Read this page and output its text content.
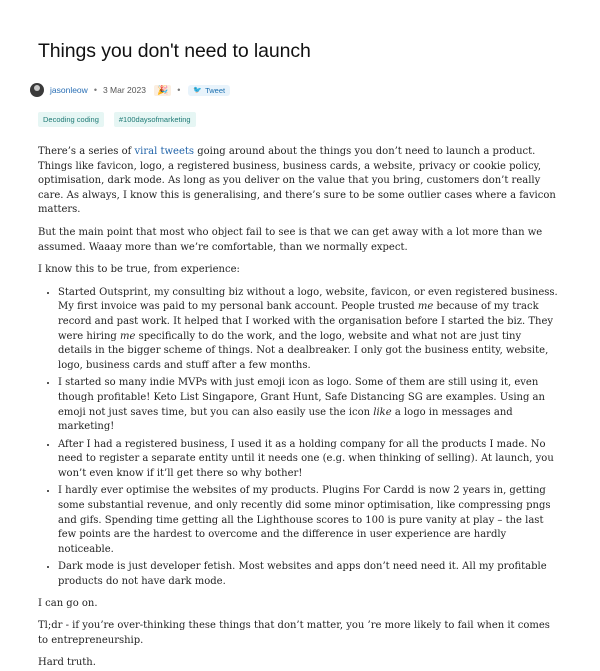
Things you don't need to launch
jasonleow • 3 Mar 2023	🎉	• 🐦 Tweet
Decoding coding	#100daysofmarketing

There’s a series of viral tweets going around about the things you don’t need to launch a product. Things like favicon, logo, a registered business, business cards, a website, privacy or cookie policy, optimisation, dark mode. As long as you deliver on the value that you bring, customers don’t really care. As always, I know this is generalising, and there’s sure to be some outlier cases where a favicon matters.

But the main point that most who object fail to see is that we can get away with a lot more than we assumed. Waaay more than we’re comfortable, than we normally expect.

I know this to be true, from experience:

• Started Outsprint, my consulting biz without a logo, website, favicon, or even registered business. My first invoice was paid to my personal bank account. People trusted me because of my track record and past work. It helped that I worked with the organisation before I started the biz. They were hiring me specifically to do the work, and the logo, website and what not are just tiny details in the bigger scheme of things. Not a dealbreaker. I only got the business entity, website, logo, business cards and stuff after a few months.
• I started so many indie MVPs with just emoji icon as logo. Some of them are still using it, even though profitable! Keto List Singapore, Grant Hunt, Safe Distancing SG are examples. Using an emoji not just saves time, but you can also easily use the icon like a logo in messages and marketing!
• After I had a registered business, I used it as a holding company for all the products I made. No need to register a separate entity until it needs one (e.g. when thinking of selling). At launch, you won’t even know if it’ll get there so why bother!
• I hardly ever optimise the websites of my products. Plugins For Cardd is now 2 years in, getting some substantial revenue, and only recently did some minor optimisation, like compressing pngs and gifs. Spending time getting all the Lighthouse scores to 100 is pure vanity at play – the last few points are the hardest to overcome and the difference in user experience are hardly noticeable.
• Dark mode is just developer fetish. Most websites and apps don’t need need it. All my profitable products do not have dark mode.

I can go on.

Tl;dr - if you’re over-thinking these things that don’t matter, you ’re more likely to fail when it comes to entrepreneurship.

Hard truth.
